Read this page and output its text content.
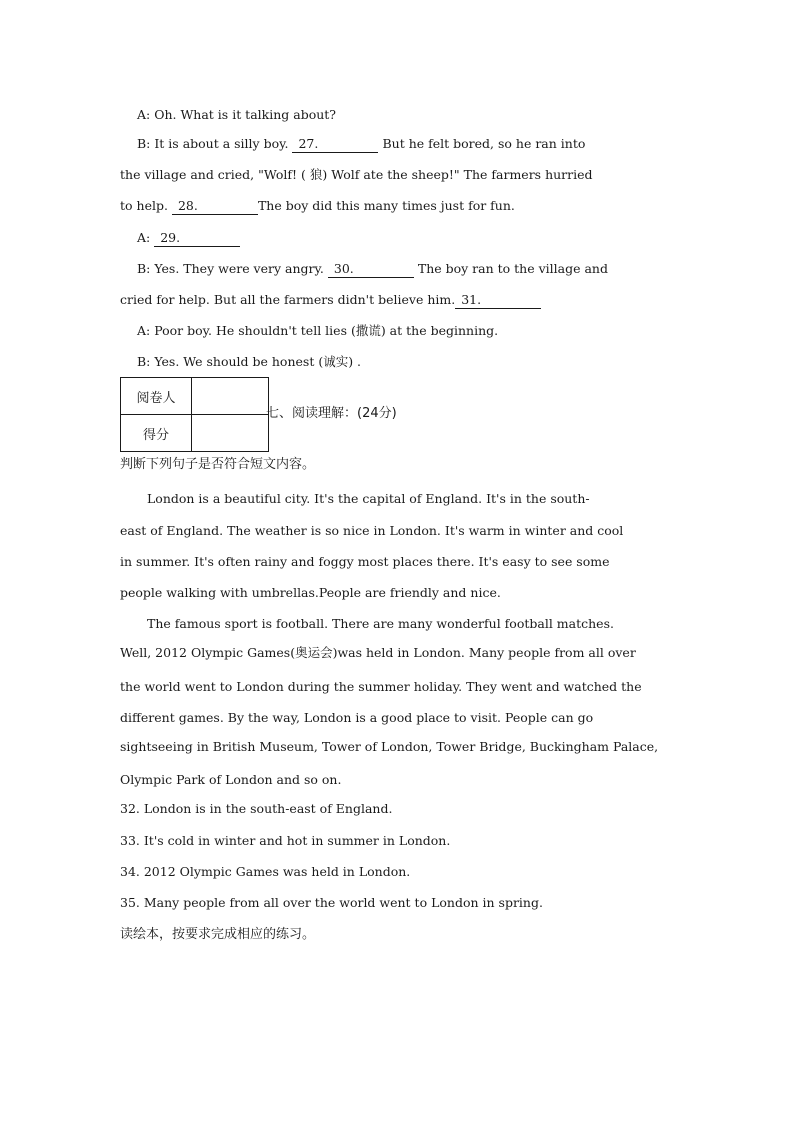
A: Oh. What is it talking about?
B: It is about a silly boy. 27.	But he felt bored, so he ran into
the village and cried, "Wolf! ( 狼) Wolf ate the sheep!" The farmers hurried
to help. 28.	The boy did this many times just for fun.
A: 29.
B: Yes. They were very angry. 30.	The boy ran to the village and
cried for help. But all the farmers didn't believe him. 31.
A: Poor boy. He shouldn't tell lies (撒谎) at the beginning.
B: Yes. We should be honest (诚实) .
阅卷人	
得分	
七、阅读理解：(24分)
判断下列句子是否符合短文内容。
London is a beautiful city. It's the capital of England. It's in the south-
east of England. The weather is so nice in London. It's warm in winter and cool
in summer. It's often rainy and foggy most places there. It's easy to see some
people walking with umbrellas.People are friendly and nice.
The famous sport is football. There are many wonderful football matches.
Well, 2012 Olympic Games(奥运会)was held in London. Many people from all over
the world went to London during the summer holiday. They went and watched the
different games. By the way, London is a good place to visit. People can go
sightseeing in British Museum, Tower of London, Tower Bridge, Buckingham Palace,
Olympic Park of London and so on.
32. London is in the south-east of England.
33. It's cold in winter and hot in summer in London.
34. 2012 Olympic Games was held in London.
35. Many people from all over the world went to London in spring.
读绘本，按要求完成相应的练习。
